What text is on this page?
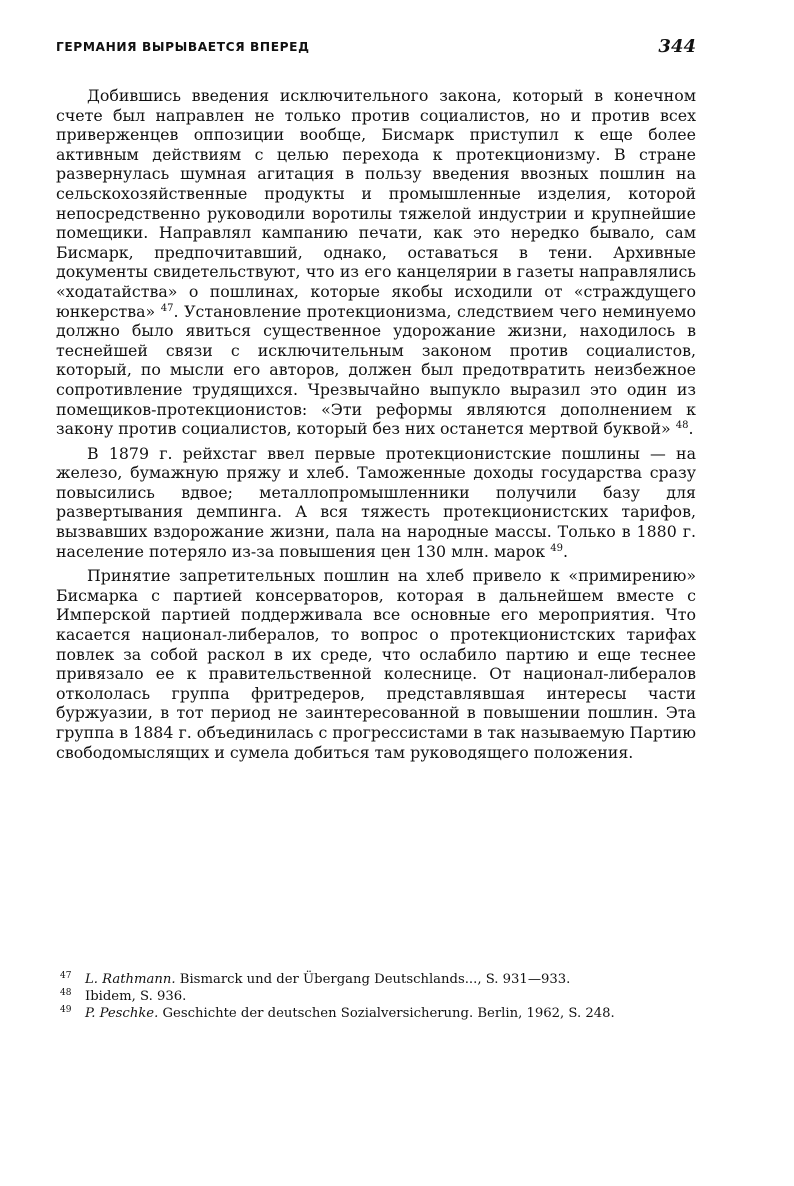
ГЕРМАНИЯ ВЫРЫВАЕТСЯ ВПЕРЕД	344

Добившись введения исключительного закона, который в конечном счете был направлен не только против социалистов, но и против всех приверженцев оппозиции вообще, Бисмарк приступил к еще более активным действиям с целью перехода к протекционизму. В стране развернулась шумная агитация в пользу введения ввозных пошлин на сельскохозяйственные продукты и промышленные изделия, которой непосредственно руководили воротилы тяжелой индустрии и крупнейшие помещики. Направлял кампанию печати, как это нередко бывало, сам Бисмарк, предпочитавший, однако, оставаться в тени. Архивные документы свидетельствуют, что из его канцелярии в газеты направлялись «ходатайства» о пошлинах, которые якобы исходили от «страждущего юнкерства» $^{47}$. Установление протекционизма, следствием чего неминуемо должно было явиться существенное удорожание жизни, находилось в теснейшей связи с исключительным законом против социалистов, который, по мысли его авторов, должен был предотвратить неизбежное сопротивление трудящихся. Чрезвычайно выпукло выразил это один из помещиков-протекционистов: «Эти реформы являются дополнением к закону против социалистов, который без них останется мертвой буквой» $^{48}$.

В 1879 г. рейхстаг ввел первые протекционистские пошлины — на железо, бумажную пряжу и хлеб. Таможенные доходы государства сразу повысились вдвое; металлопромышленники получили базу для развертывания демпинга. А вся тяжесть протекционистских тарифов, вызвавших вздорожание жизни, пала на народные массы. Только в 1880 г. население потеряло из-за повышения цен 130 млн. марок $^{49}$.

Принятие запретительных пошлин на хлеб привело к «примирению» Бисмарка с партией консерваторов, которая в дальнейшем вместе с Имперской партией поддерживала все основные его мероприятия. Что касается национал-либералов, то вопрос о протекционистских тарифах повлек за собой раскол в их среде, что ослабило партию и еще теснее привязало ее к правительственной колеснице. От национал-либералов откололась группа фритредеров, представлявшая интересы части буржуазии, в тот период не заинтересованной в повышении пошлин. Эта группа в 1884 г. объединилась с прогрессистами в так называемую Партию свободомыслящих и сумела добиться там руководящего положения.

47 L. Rathmann. Bismarck und der Übergang Deutschlands..., S. 931—933.
48 Ibidem, S. 936.
49 P. Peschke. Geschichte der deutschen Sozialversicherung. Berlin, 1962, S. 248.
